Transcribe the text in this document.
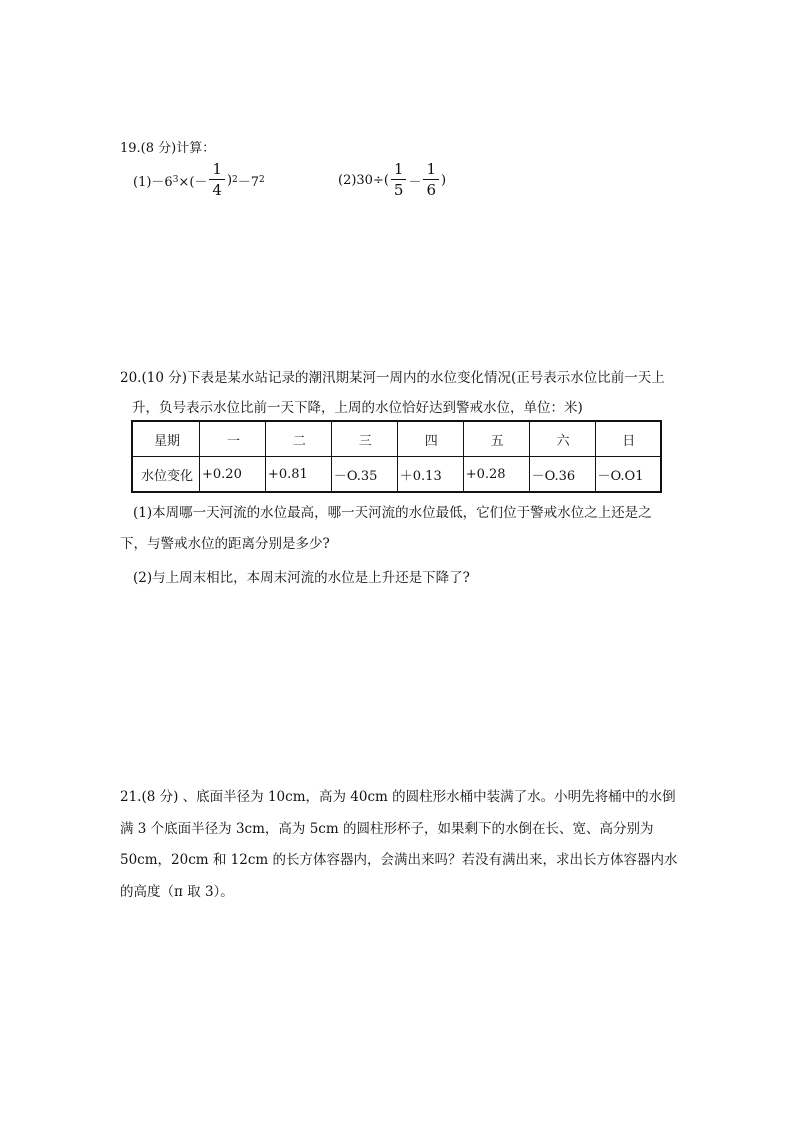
19.(8 分)计算：
(1)－6 3 ×(－ $\frac{1}{4}$ ) 2 －7 2	$(2)30\div( \frac{1}{5} - \frac{1}{6}$ )
20.(10 分)下表是某水站记录的潮汛期某河一周内的水位变化情况(正号表示水位比前一天上
升，负号表示水位比前一天下降，上周的水位恰好达到警戒水位，单位：米)
星期	一	二	三	四	五	六	日
水位变化	+0.20	+0.81	－O.35	＋0.13	+0.28	－O.36	－O.O1
(1)本周哪一天河流的水位最高，哪一天河流的水位最低，它们位于警戒水位之上还是之
下，与警戒水位的距离分别是多少?
(2)与上周末相比，本周末河流的水位是上升还是下降了?
21.(8 分) 、底面半径为 10cm，高为 40cm 的圆柱形水桶中装满了水。小明先将桶中的水倒满 3 个底面半径为 3cm，高为 5cm 的圆柱形杯子，如果剩下的水倒在长、宽、高分别为 50cm，20cm 和 12cm 的长方体容器内，会满出来吗？若没有满出来，求出长方体容器内水的高度（π 取 3）。
